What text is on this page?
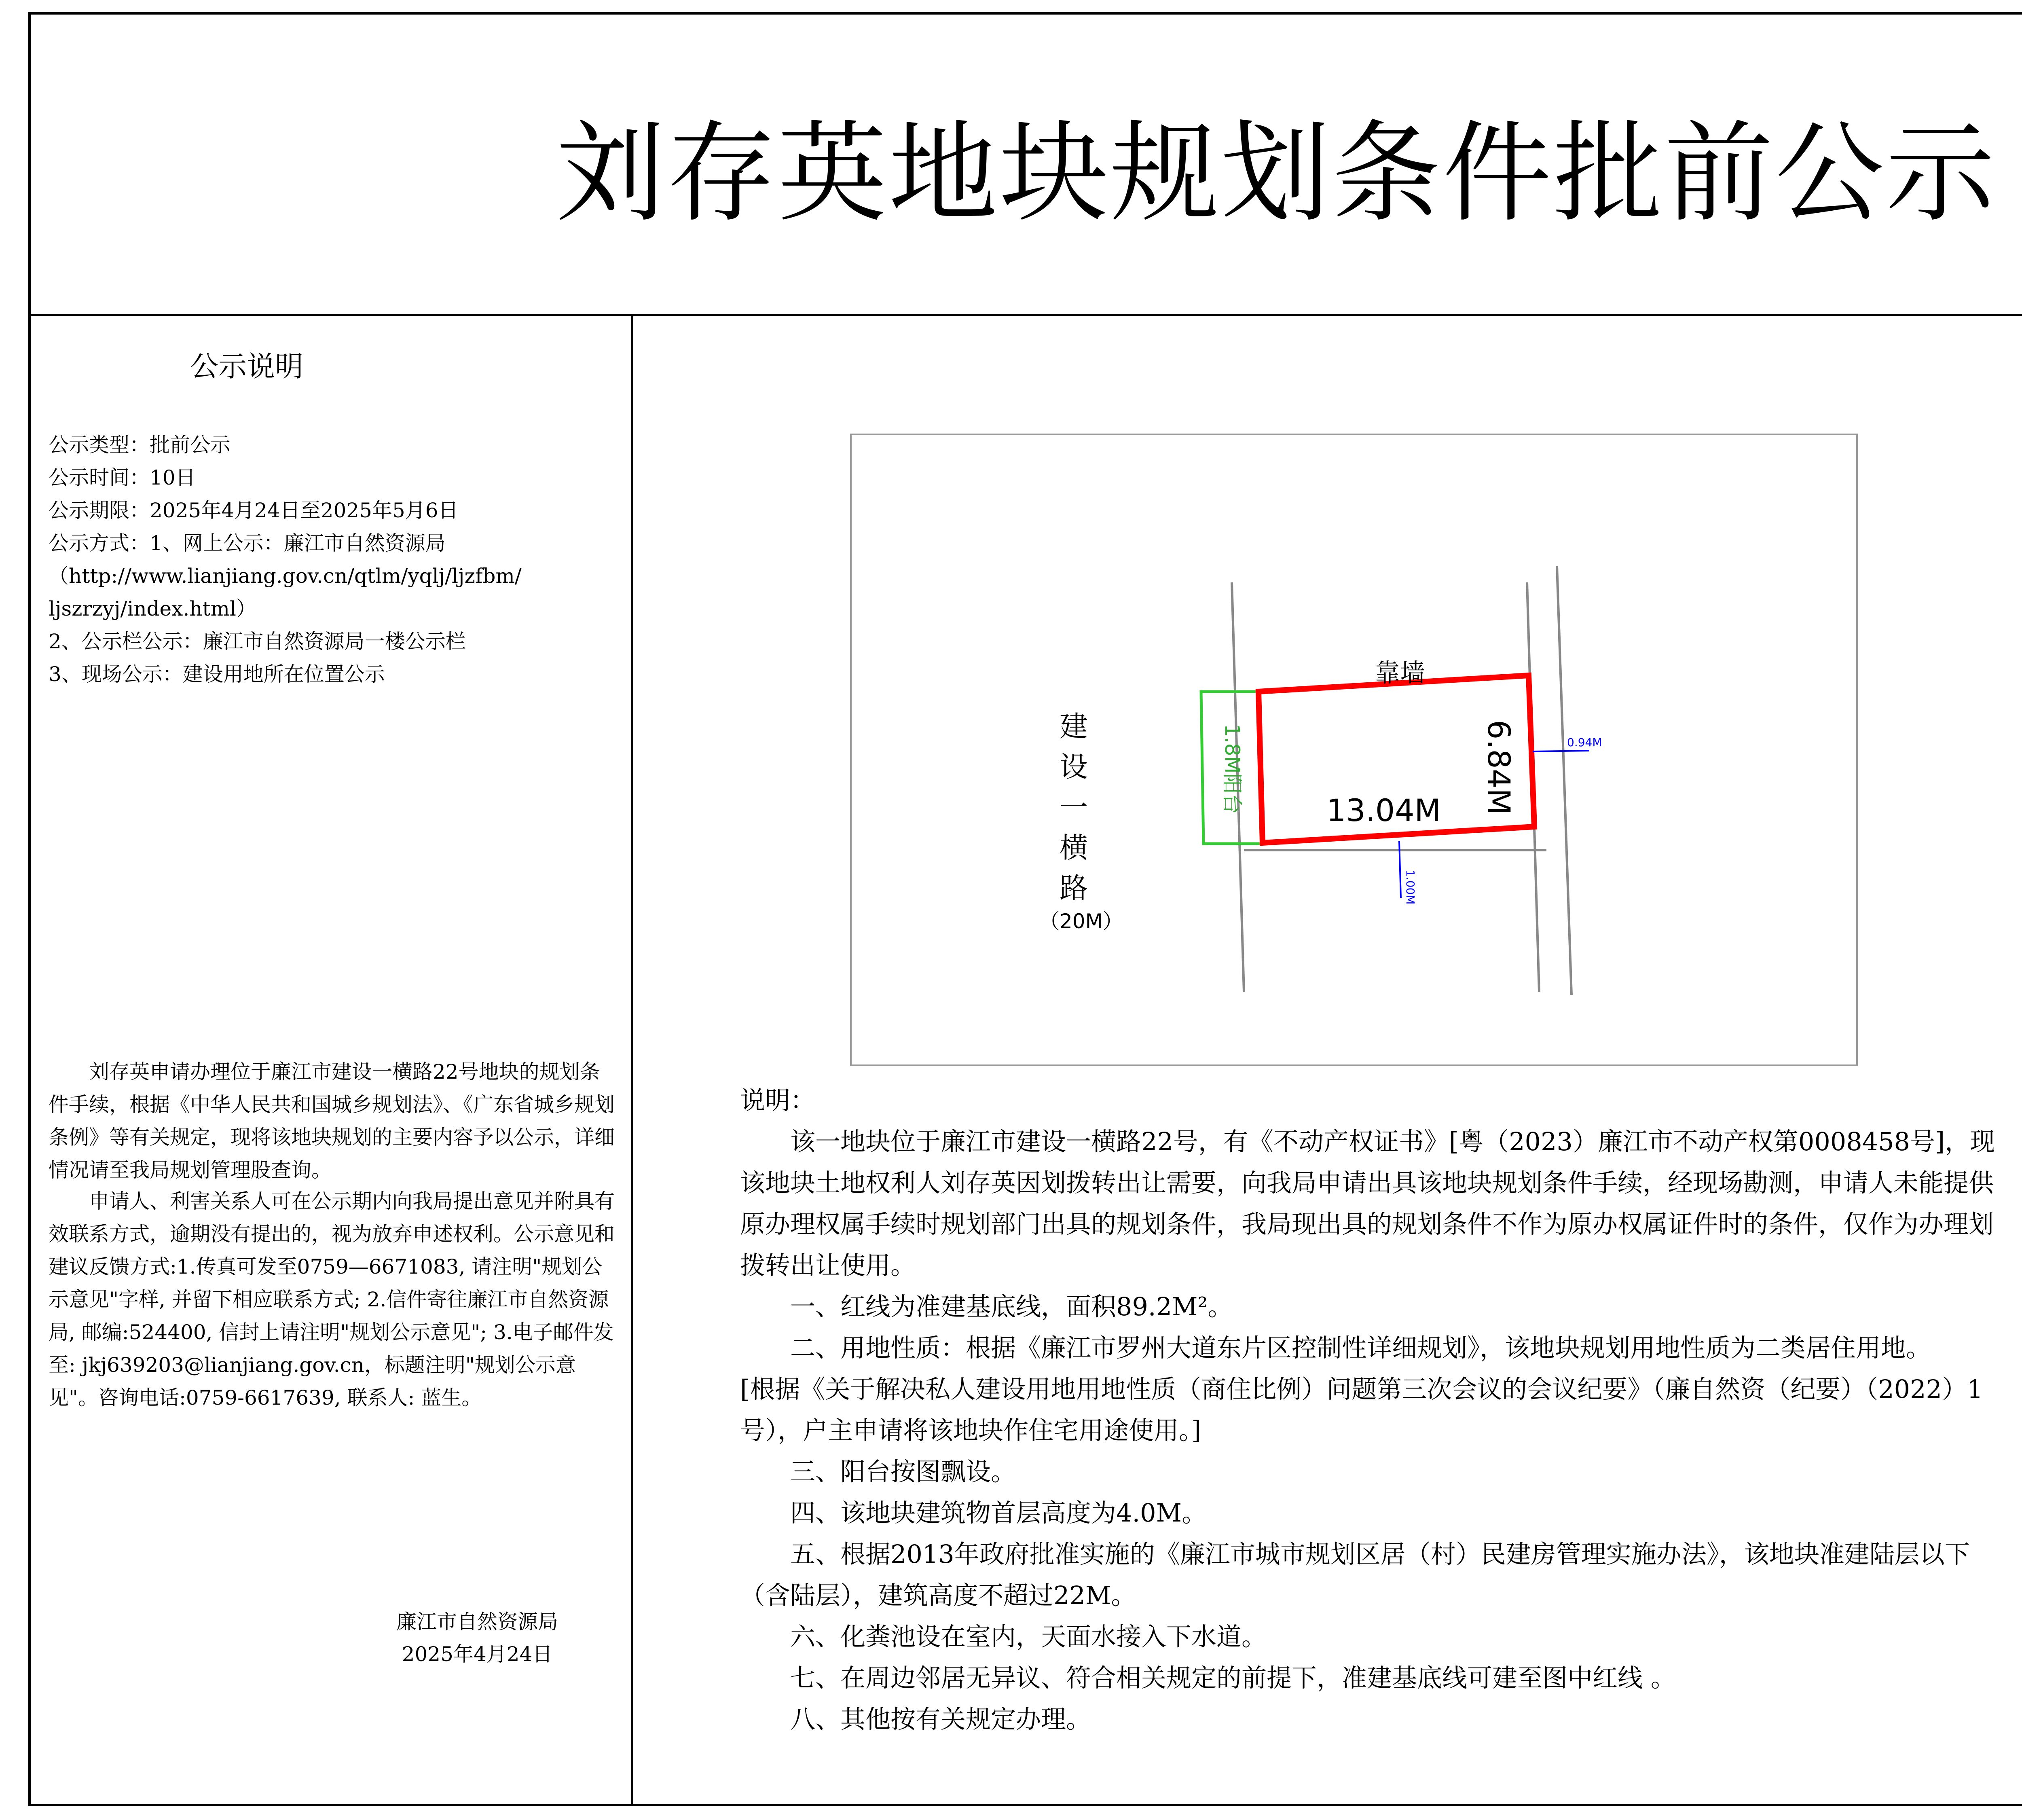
刘存英地块规划条件批前公示
公示说明
公示类型：批前公示
公示时间：10日
公示期限：2025年4月24日至2025年5月6日
公示方式：1、网上公示：廉江市自然资源局
（http://www.lianjiang.gov.cn/qtlm/yqlj/ljzfbm/
ljszrzyj/index.html）
2、公示栏公示：廉江市自然资源局一楼公示栏
3、现场公示：建设用地所在位置公示
刘存英申请办理位于廉江市建设一横路22号地块的规划条件手续，根据《中华人民共和国城乡规划法》、《广东省城乡规划条例》等有关规定，现将该地块规划的主要内容予以公示，详细情况请至我局规划管理股查询。
申请人、利害关系人可在公示期内向我局提出意见并附具有效联系方式，逾期没有提出的，视为放弃申述权利。公示意见和建议反馈方式:1.传真可发至0759—6671083, 请注明"规划公示意见"字样, 并留下相应联系方式; 2.信件寄往廉江市自然资源局, 邮编:524400, 信封上请注明"规划公示意见"; 3.电子邮件发至: jkj639203@lianjiang.gov.cn，标题注明"规划公示意见"。咨询电话:0759-6617639, 联系人: 蓝生。
廉江市自然资源局
2025年4月24日
靠墙
建
设
一
横
路
（20M）
13.04M 6.84M
1.8M阳台	0.94M
1.00M

说明：

该一地块位于廉江市建设一横路22号，有《不动产权证书》[粤（2023）廉江市不动产权第0008458号]，现该地块土地权利人刘存英因划拨转出让需要，向我局申请出具该地块规划条件手续，经现场勘测，申请人未能提供原办理权属手续时规划部门出具的规划条件，我局现出具的规划条件不作为原办权属证件时的条件，仅作为办理划拨转出让使用。

一、红线为准建基底线，面积89.2M²。

二、用地性质：根据《廉江市罗州大道东片区控制性详细规划》，该地块规划用地性质为二类居住用地。

[根据《关于解决私人建设用地用地性质（商住比例）问题第三次会议的会议纪要》（廉自然资（纪要）（2022）1号），户主申请将该地块作住宅用途使用。]

三、阳台按图飘设。

四、该地块建筑物首层高度为4.0M。

五、根据2013年政府批准实施的《廉江市城市规划区居（村）民建房管理实施办法》，该地块准建陆层以下（含陆层），建筑高度不超过22M。

六、化粪池设在室内，天面水接入下水道。

七、在周边邻居无异议、符合相关规定的前提下，准建基底线可建至图中红线 。

八、其他按有关规定办理。
